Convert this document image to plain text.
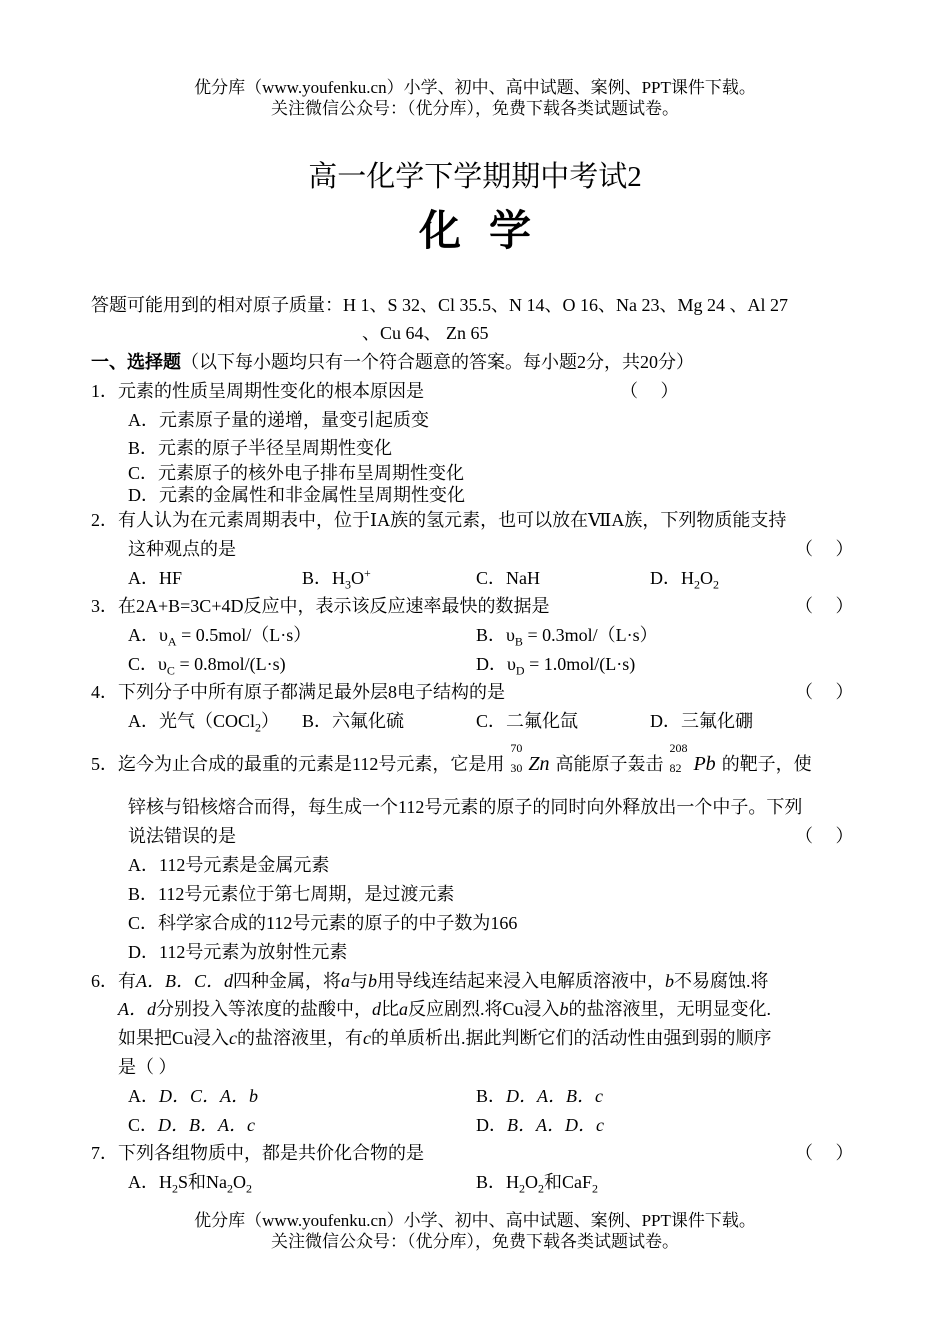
优分库（www.youfenku.cn）小学、初中、高中试题、案例、PPT课件下载。
关注微信公众号：（优分库），免费下载各类试题试卷。
高一化学下学期期中考试2
化学
答题可能用到的相对原子质量：H 1、S 32、Cl 35.5、N 14、O 16、Na 23、Mg 24 、Al 27
、Cu 64、 Zn 65
一、选择题（以下每小题均只有一个符合题意的答案。每小题2分，共20分）
1．元素的性质呈周期性变化的根本原因是	（     ）
A．元素原子量的递增，量变引起质变
B．元素的原子半径呈周期性变化
C．元素原子的核外电子排布呈周期性变化
D．元素的金属性和非金属性呈周期性变化
2．有人认为在元素周期表中，位于ⅠA族的氢元素，也可以放在ⅦA族，下列物质能支持
这种观点的是	（     ）
A．HF	B．$H_3O^+$	C．NaH	D．$H_2O_2$
3．在2A+B=3C+4D反应中，表示该反应速率最快的数据是	（     ）
A．$\upsilon_A = 0.5mol/(L\cdot s)$	B．$\upsilon_B = 0.3mol/(L\cdot s)$
C．$\upsilon_C = 0.8mol/(L\cdot s)$	D．$\upsilon_D = 1.0mol/(L\cdot s)$
4．下列分子中所有原子都满足最外层8电子结构的是	（     ）
A．光气（COCl$_2$） B．六氟化硫	C．二氟化氙	D．三氟化硼
5．迄今为止合成的最重的元素是112号元素，它是用
70
30 Zn 高能原子轰击
208
82 Pb 的靶子，使
锌核与铅核熔合而得，每生成一个112号元素的原子的同时向外释放出一个中子。下列
说法错误的是	（     ）
A．112号元素是金属元素
B．112号元素位于第七周期，是过渡元素
C．科学家合成的112号元素的原子的中子数为166
D．112号元素为放射性元素
6．有A．B．C．d四种金属，将a与b用导线连结起来浸入电解质溶液中，b不易腐蚀.将
A．d分别投入等浓度的盐酸中，d比a反应剧烈.将Cu浸入b的盐溶液里，无明显变化.
如果把Cu浸入c的盐溶液里，有c的单质析出.据此判断它们的活动性由强到弱的顺序
是（ ）
A．D．C．A．b	B．D．A．B．c
C．D．B．A．c	D．B．A．D．c
7．下列各组物质中，都是共价化合物的是	（     ）
A．$H_2S$和$Na_2O_2$	B．$H_2O_2$和CaF$_2$
优分库（www.youfenku.cn）小学、初中、高中试题、案例、PPT课件下载。
关注微信公众号：（优分库），免费下载各类试题试卷。
